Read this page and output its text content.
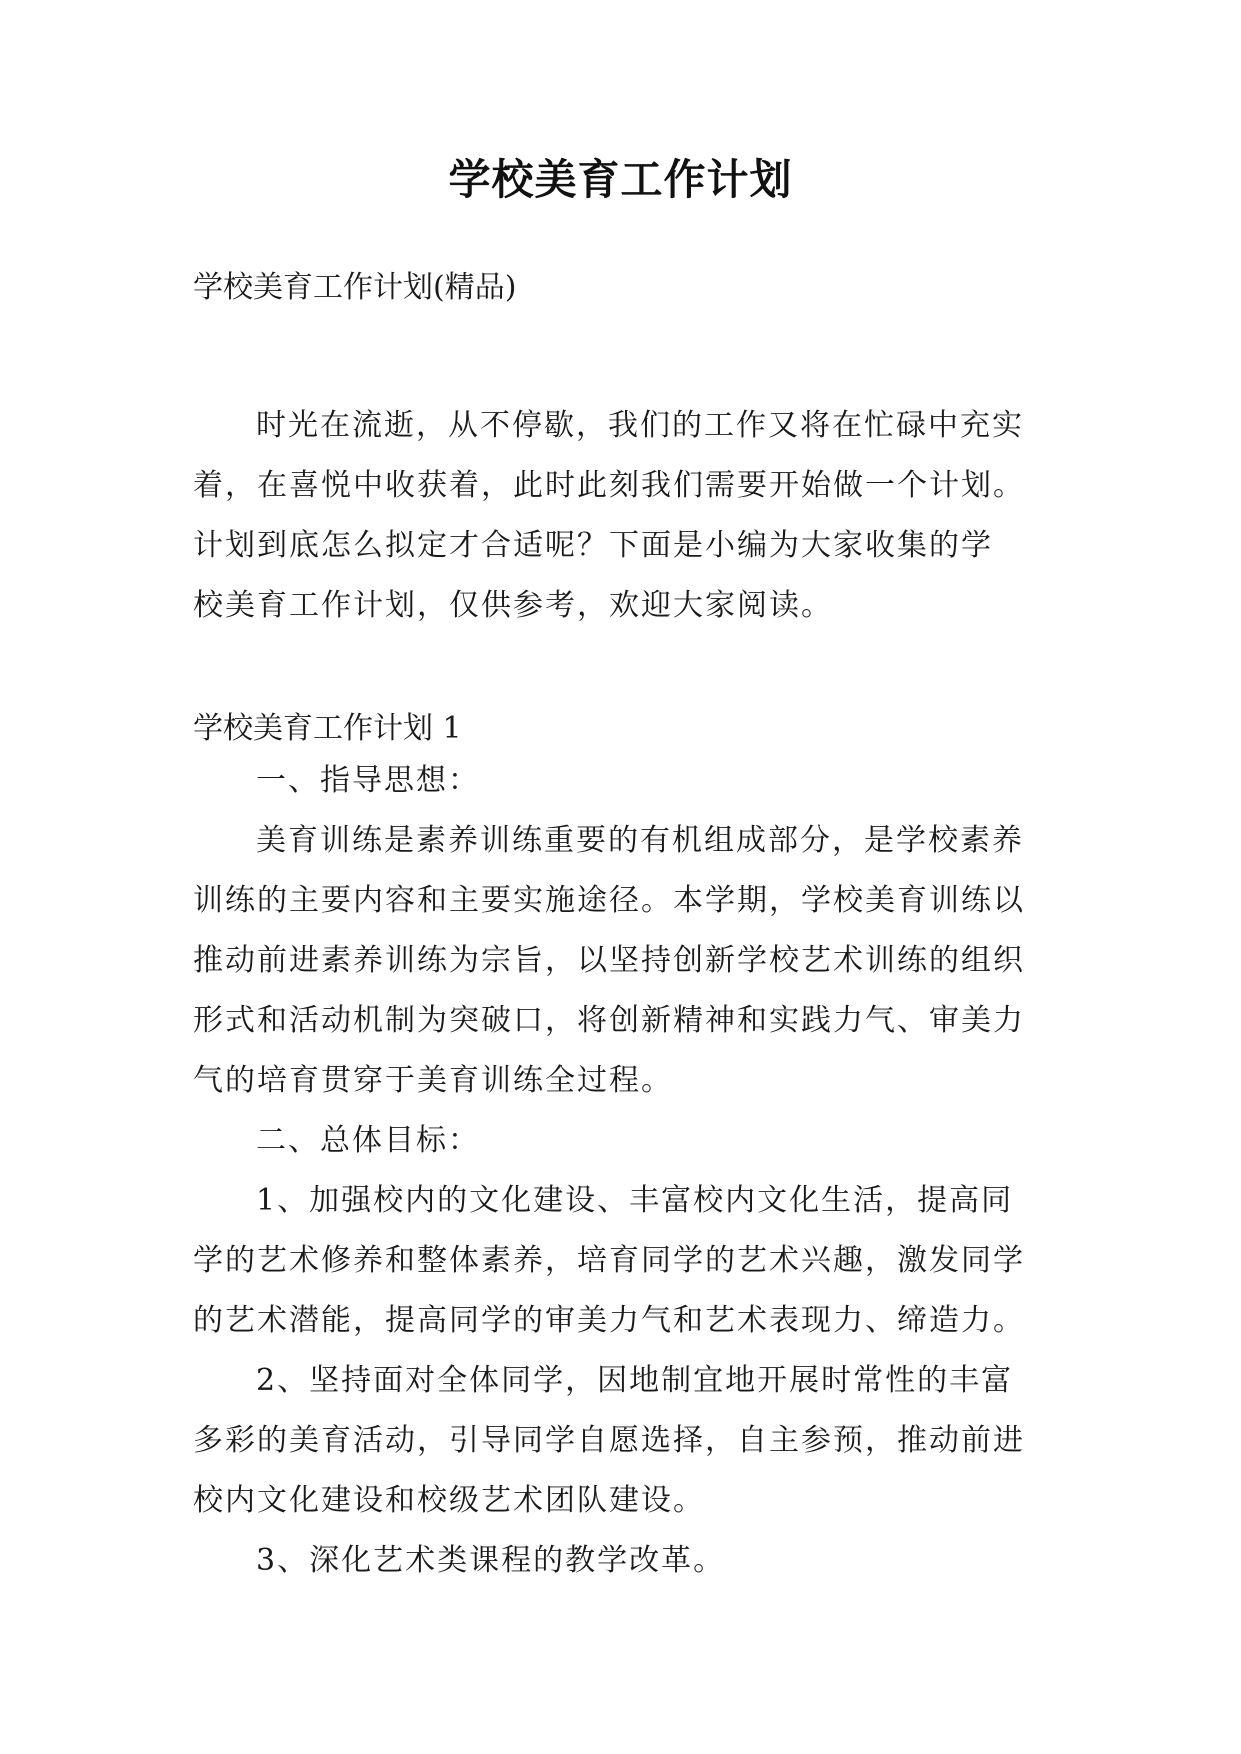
学校美育工作计划
学校美育工作计划(精品)
时光在流逝，从不停歇，我们的工作又将在忙碌中充实
着，在喜悦中收获着，此时此刻我们需要开始做一个计划。
计划到底怎么拟定才合适呢？下面是小编为大家收集的学
校美育工作计划，仅供参考，欢迎大家阅读。
学校美育工作计划 1
一、指导思想：
美育训练是素养训练重要的有机组成部分，是学校素养
训练的主要内容和主要实施途径。本学期，学校美育训练以
推动前进素养训练为宗旨，以坚持创新学校艺术训练的组织
形式和活动机制为突破口，将创新精神和实践力气、审美力
气的培育贯穿于美育训练全过程。
二、总体目标：
1、加强校内的文化建设、丰富校内文化生活，提高同
学的艺术修养和整体素养，培育同学的艺术兴趣，激发同学
的艺术潜能，提高同学的审美力气和艺术表现力、缔造力。
2、坚持面对全体同学，因地制宜地开展时常性的丰富
多彩的美育活动，引导同学自愿选择，自主参预，推动前进
校内文化建设和校级艺术团队建设。
3、深化艺术类课程的教学改革。
